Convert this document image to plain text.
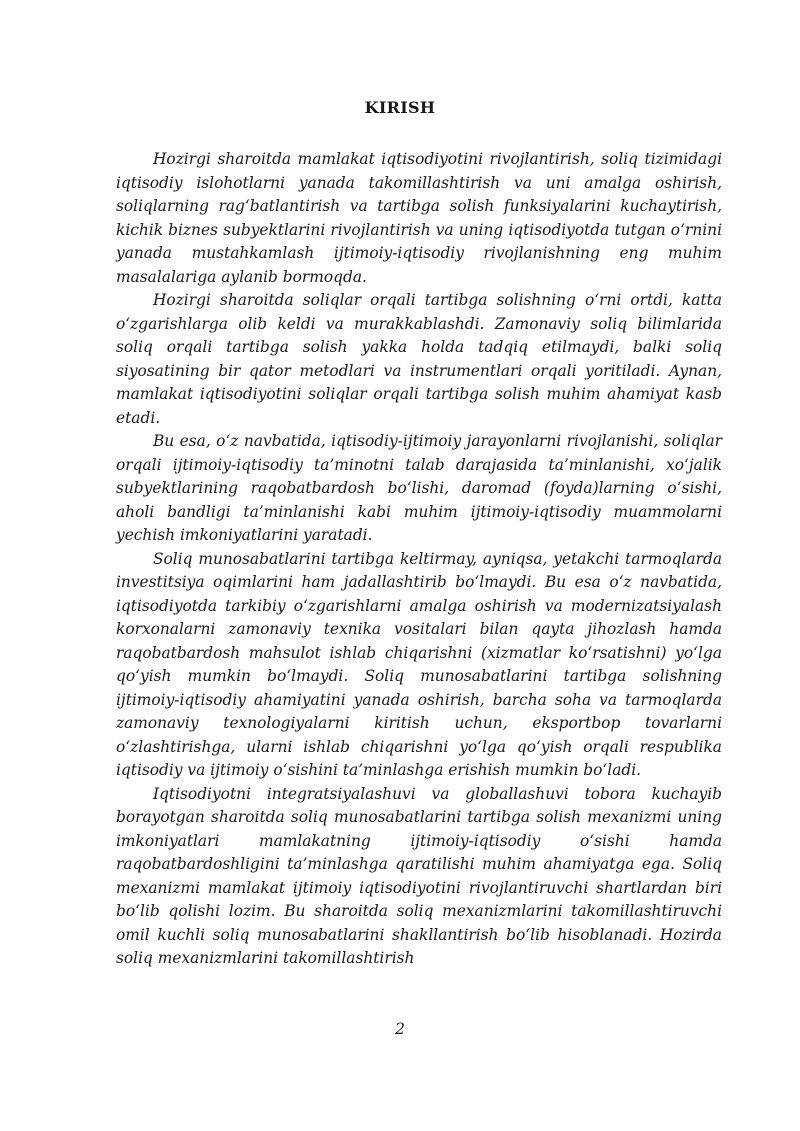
KIRISH

Hozirgi sharoitda mamlakat iqtisodiyotini rivojlantirish, soliq tizimidagi iqtisodiy islohotlarni yanada takomillashtirish va uni amalga oshirish, soliqlarning rag‘batlantirish va tartibga solish funksiyalarini kuchaytirish, kichik biznes subyektlarini rivojlantirish va uning iqtisodiyotda tutgan o‘rnini yanada mustahkamlash ijtimoiy-iqtisodiy rivojlanishning eng muhim masalalariga aylanib bormoqda.

Hozirgi sharoitda soliqlar orqali tartibga solishning o‘rni ortdi, katta o‘zgarishlarga olib keldi va murakkablashdi. Zamonaviy soliq bilimlarida soliq orqali tartibga solish yakka holda tadqiq etilmaydi, balki soliq siyosatining bir qator metodlari va instrumentlari orqali yoritiladi. Aynan, mamlakat iqtisodiyotini soliqlar orqali tartibga solish muhim ahamiyat kasb etadi.

Bu esa, o‘z navbatida, iqtisodiy-ijtimoiy jarayonlarni rivojlanishi, soliqlar orqali ijtimoiy-iqtisodiy ta’minotni talab darajasida ta’minlanishi, xo‘jalik subyektlarining raqobatbardosh bo‘lishi, daromad (foyda)larning o‘sishi, aholi bandligi ta’minlanishi kabi muhim ijtimoiy-iqtisodiy muammolarni yechish imkoniyatlarini yaratadi.

Soliq munosabatlarini tartibga keltirmay, ayniqsa, yetakchi tarmoqlarda investitsiya oqimlarini ham jadallashtirib bo‘lmaydi. Bu esa o‘z navbatida, iqtisodiyotda tarkibiy o‘zgarishlarni amalga oshirish va modernizatsiyalash korxonalarni zamonaviy texnika vositalari bilan qayta jihozlash hamda raqobatbardosh mahsulot ishlab chiqarishni (xizmatlar ko‘rsatishni) yo‘lga qo‘yish mumkin bo‘lmaydi. Soliq munosabatlarini tartibga solishning ijtimoiy-iqtisodiy ahamiyatini yanada oshirish, barcha soha va tarmoqlarda zamonaviy texnologiyalarni kiritish uchun, eksportbop tovarlarni o‘zlashtirishga, ularni ishlab chiqarishni yo‘lga qo‘yish orqali respublika iqtisodiy va ijtimoiy o‘sishini ta’minlashga erishish mumkin bo‘ladi.

Iqtisodiyotni integratsiyalashuvi va globallashuvi tobora kuchayib borayotgan sharoitda soliq munosabatlarini tartibga solish mexanizmi uning imkoniyatlari mamlakatning ijtimoiy-iqtisodiy o‘sishi hamda raqobatbardoshligini ta’minlashga qaratilishi muhim ahamiyatga ega. Soliq mexanizmi mamlakat ijtimoiy iqtisodiyotini rivojlantiruvchi shartlardan biri bo‘lib qolishi lozim. Bu sharoitda soliq mexanizmlarini takomillashtiruvchi omil kuchli soliq munosabatlarini shakllantirish bo‘lib hisoblanadi. Hozirda soliq mexanizmlarini takomillashtirish

2
